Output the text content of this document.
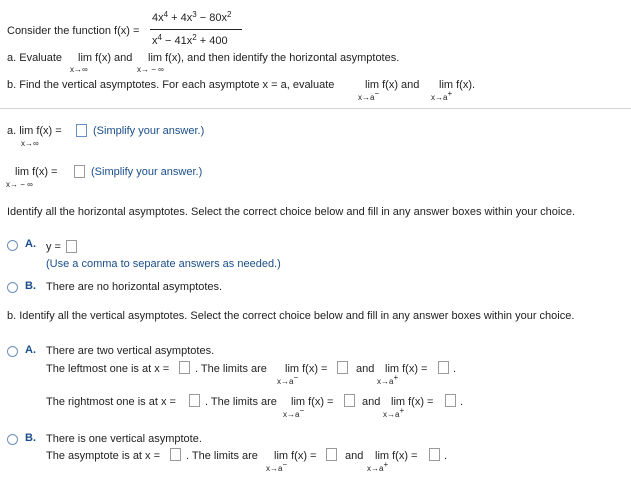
Consider the function f(x) =
$4x^4 + 4x^3 - 80x^2$
$x^4 - 41x^2 + 400$
a. Evaluate lim f(x) and
x→∞
lim f(x), and then identify the horizontal asymptotes.
x→ − ∞
b. Find the vertical asymptotes. For each asymptote x = a, evaluate	lim f(x) and
x→a−
lim f(x).
x→a+
a. lim f(x) =
x→∞
(Simplify your answer.)
lim f(x) =
x→ − ∞
(Simplify your answer.)
Identify all the horizontal asymptotes. Select the correct choice below and fill in any answer boxes within your choice.
A. y =
(Use a comma to separate answers as needed.)
B. There are no horizontal asymptotes.
b. Identify all the vertical asymptotes. Select the correct choice below and fill in any answer boxes within your choice.
A. There are two vertical asymptotes.
The leftmost one is at x = . The limits are lim f(x) =
x→a−
and lim f(x) =
x→a+
.
The rightmost one is at x =	. The limits are lim f(x) =
x→a−
and lim f(x) =
x→a+
.
B. There is one vertical asymptote.
The asymptote is at x = . The limits are lim f(x) =
x→a−
and lim f(x) =
x→a+
.
